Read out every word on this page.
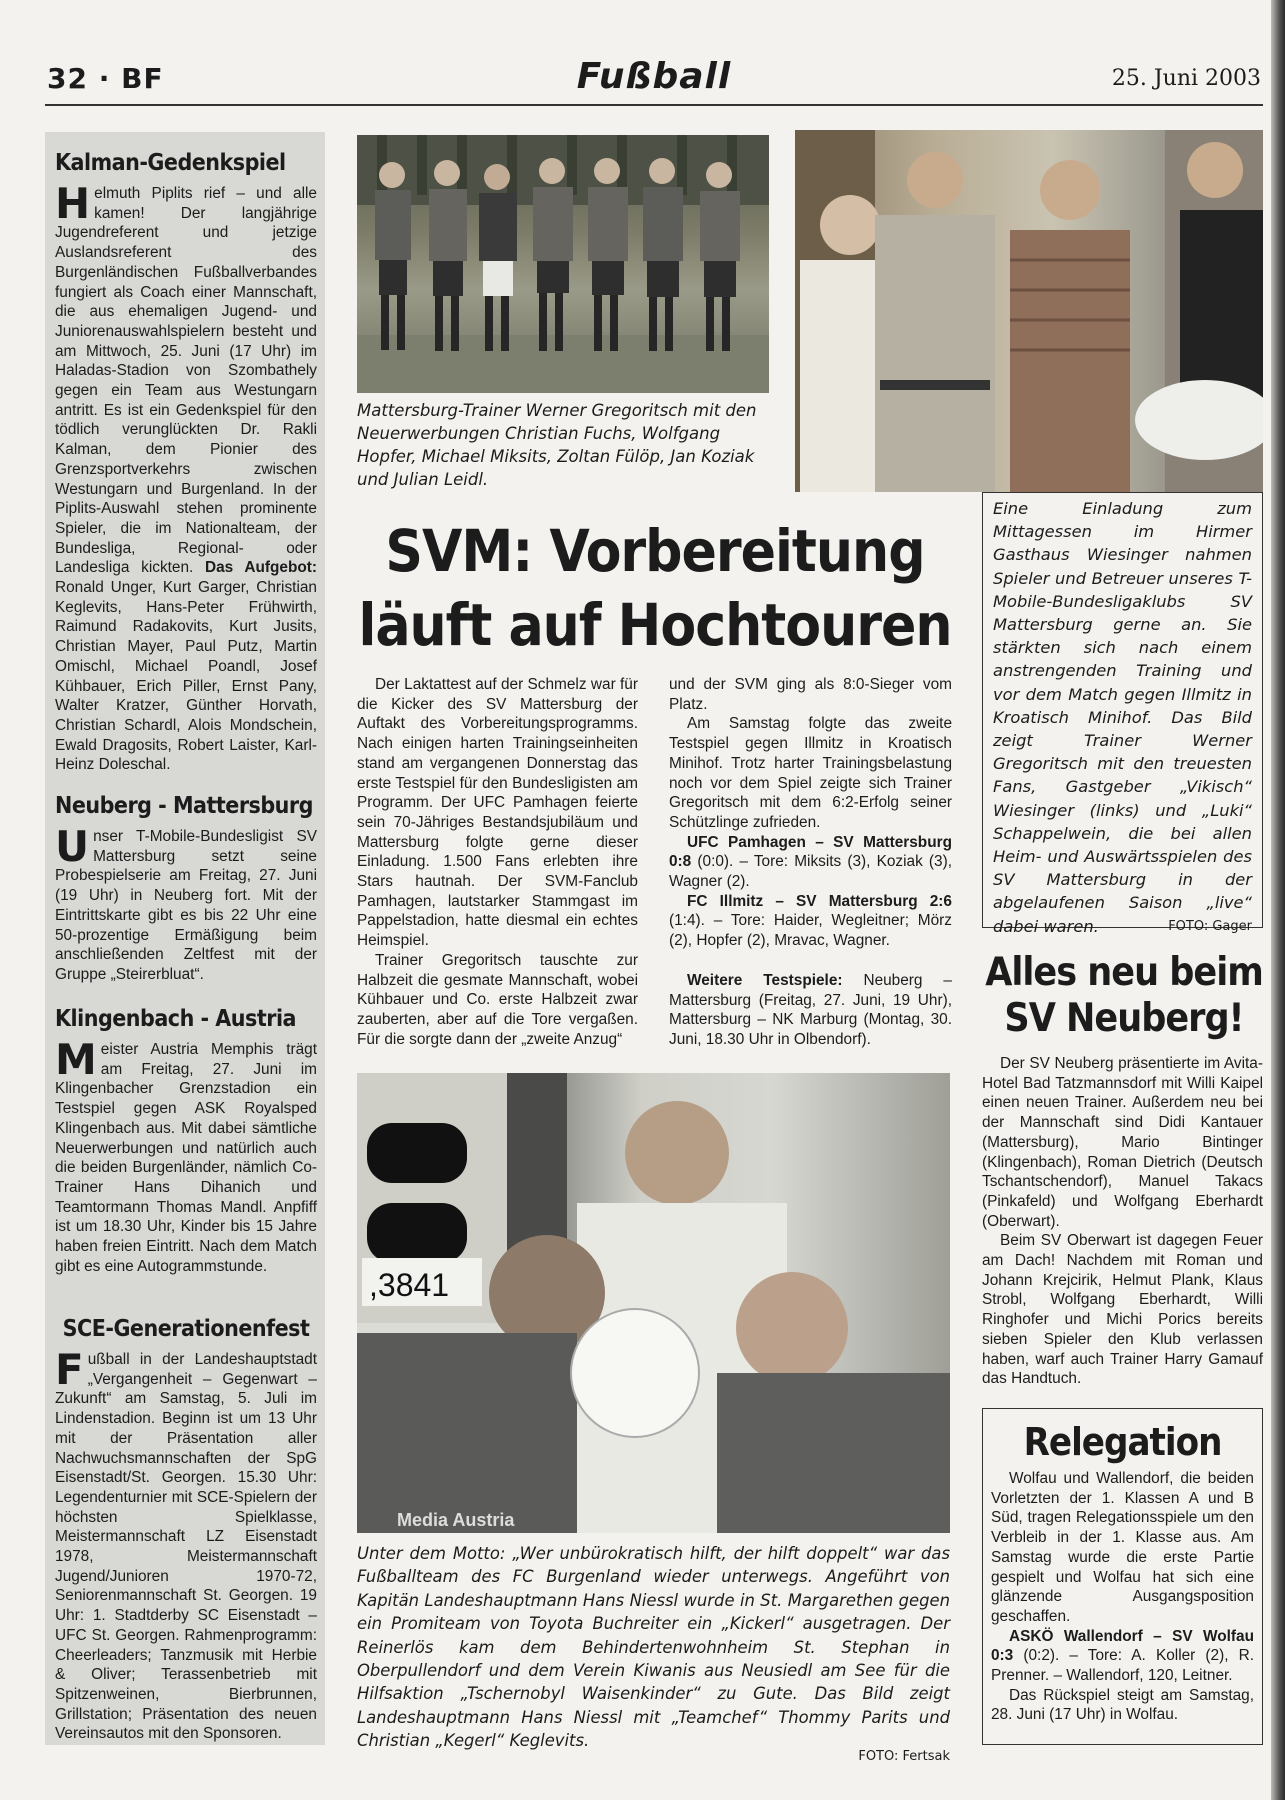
32 · BF	Fußball	25. Juni 2003
Kalman-Gedenkspiel

Helmuth Piplits rief – und alle kamen! Der langjährige Jugendreferent und jetzige Auslandsreferent des Burgenländischen Fußballverbandes fungiert als Coach einer Mannschaft, die aus ehemaligen Jugend- und Juniorenauswahlspielern besteht und am Mittwoch, 25. Juni (17 Uhr) im Haladas-Stadion von Szombathely gegen ein Team aus Westungarn antritt. Es ist ein Gedenkspiel für den tödlich verunglückten Dr. Rakli Kalman, dem Pionier des Grenzsportverkehrs zwischen Westungarn und Burgenland. In der Piplits-Auswahl stehen prominente Spieler, die im Nationalteam, der Bundesliga, Regional- oder Landesliga kickten. Das Aufgebot: Ronald Unger, Kurt Garger, Christian Keglevits, Hans-Peter Frühwirth, Raimund Radakovits, Kurt Jusits, Christian Mayer, Paul Putz, Martin Omischl, Michael Poandl, Josef Kühbauer, Erich Piller, Ernst Pany, Walter Kratzer, Günther Horvath, Christian Schardl, Alois Mondschein, Ewald Dragosits, Robert Laister, Karl-Heinz Doleschal.

Neuberg - Mattersburg

Unser T-Mobile-Bundesligist SV Mattersburg setzt seine Probespielserie am Freitag, 27. Juni (19 Uhr) in Neuberg fort. Mit der Eintrittskarte gibt es bis 22 Uhr eine 50-prozentige Ermäßigung beim anschließenden Zeltfest mit der Gruppe „Steirerbluat“.

Klingenbach - Austria

Meister Austria Memphis trägt am Freitag, 27. Juni im Klingenbacher Grenzstadion ein Testspiel gegen ASK Royalsped Klingenbach aus. Mit dabei sämtliche Neuerwerbungen und natürlich auch die beiden Burgenländer, nämlich Co-Trainer Hans Dihanich und Teamtormann Thomas Mandl. Anpfiff ist um 18.30 Uhr, Kinder bis 15 Jahre haben freien Eintritt. Nach dem Match gibt es eine Autogrammstunde.

SCE-Generationenfest

Fußball in der Landeshauptstadt „Vergangenheit – Gegenwart – Zukunft“ am Samstag, 5. Juli im Lindenstadion. Beginn ist um 13 Uhr mit der Präsentation aller Nachwuchsmannschaften der SpG Eisenstadt/St. Georgen. 15.30 Uhr: Legendenturnier mit SCE-Spielern der höchsten Spielklasse, Meistermannschaft LZ Eisenstadt 1978, Meistermannschaft Jugend/Junioren 1970-72, Seniorenmannschaft St. Georgen. 19 Uhr: 1. Stadtderby SC Eisenstadt – UFC St. Georgen. Rahmenprogramm: Cheerleaders; Tanzmusik mit Herbie & Oliver; Terassenbetrieb mit Spitzenweinen, Bierbrunnen, Grillstation; Präsentation des neuen Vereinsautos mit den Sponsoren.

Mattersburg-Trainer Werner Gregoritsch mit den Neuerwerbungen Christian Fuchs, Wolfgang Hopfer, Michael Miksits, Zoltan Fülöp, Jan Koziak und Julian Leidl.

Eine Einladung zum Mittagessen im Hirmer Gasthaus Wiesinger nahmen Spieler und Betreuer unseres T-Mobile-Bundesligaklubs SV Mattersburg gerne an. Sie stärkten sich nach einem anstrengenden Training und vor dem Match gegen Illmitz in Kroatisch Minihof. Das Bild zeigt Trainer Werner Gregoritsch mit den treuesten Fans, Gastgeber „Vikisch“ Wiesinger (links) und „Luki“ Schappelwein, die bei allen Heim- und Auswärtsspielen des SV Mattersburg in der abgelaufenen Saison „live“ dabei waren.	FOTO: Gager

SVM: Vorbereitung läuft auf Hochtouren

Der Laktattest auf der Schmelz war für die Kicker des SV Mattersburg der Auftakt des Vorbereitungsprogramms. Nach einigen harten Trainingseinheiten stand am vergangenen Donnerstag das erste Testspiel für den Bundesligisten am Programm. Der UFC Pamhagen feierte sein 70-Jähriges Bestandsjubiläum und Mattersburg folgte gerne dieser Einladung. 1.500 Fans erlebten ihre Stars hautnah. Der SVM-Fanclub Pamhagen, lautstarker Stammgast im Pappelstadion, hatte diesmal ein echtes Heimspiel.

Trainer Gregoritsch tauschte zur Halbzeit die gesmate Mannschaft, wobei Kühbauer und Co. erste Halbzeit zwar zauberten, aber auf die Tore vergaßen. Für die sorgte dann der „zweite Anzug“

und der SVM ging als 8:0-Sieger vom Platz.

Am Samstag folgte das zweite Testspiel gegen Illmitz in Kroatisch Minihof. Trotz harter Trainingsbelastung noch vor dem Spiel zeigte sich Trainer Gregoritsch mit dem 6:2-Erfolg seiner Schützlinge zufrieden.

UFC Pamhagen – SV Mattersburg 0:8 (0:0). – Tore: Miksits (3), Koziak (3), Wagner (2).

FC Illmitz – SV Mattersburg 2:6 (1:4). – Tore: Haider, Wegleitner; Mörz (2), Hopfer (2), Mravac, Wagner.

Weitere Testspiele: Neuberg – Mattersburg (Freitag, 27. Juni, 19 Uhr), Mattersburg – NK Marburg (Montag, 30. Juni, 18.30 Uhr in Olbendorf).

Alles neu beim SV Neuberg!

Der SV Neuberg präsentierte im Avita-Hotel Bad Tatzmannsdorf mit Willi Kaipel einen neuen Trainer. Außerdem neu bei der Mannschaft sind Didi Kantauer (Mattersburg), Mario Bintinger (Klingenbach), Roman Dietrich (Deutsch Tschantschendorf), Manuel Takacs (Pinkafeld) und Wolfgang Eberhardt (Oberwart).

Beim SV Oberwart ist dagegen Feuer am Dach! Nachdem mit Roman und Johann Krejcirik, Helmut Plank, Klaus Strobl, Wolfgang Eberhardt, Willi Ringhofer und Michi Porics bereits sieben Spieler den Klub verlassen haben, warf auch Trainer Harry Gamauf das Handtuch.

,3841
Media Austria

Unter dem Motto: „Wer unbürokratisch hilft, der hilft doppelt“ war das Fußballteam des FC Burgenland wieder unterwegs. Angeführt von Kapitän Landeshauptmann Hans Niessl wurde in St. Margarethen gegen ein Promiteam von Toyota Buchreiter ein „Kickerl“ ausgetragen. Der Reinerlös kam dem Behindertenwohnheim St. Stephan in Oberpullendorf und dem Verein Kiwanis aus Neusiedl am See für die Hilfsaktion „Tschernobyl Waisenkinder“ zu Gute. Das Bild zeigt Landeshauptmann Hans Niessl mit „Teamchef“ Thommy Parits und Christian „Kegerl“ Keglevits.

FOTO: Fertsak

Relegation

Wolfau und Wallendorf, die beiden Vorletzten der 1. Klassen A und B Süd, tragen Relegationsspiele um den Verbleib in der 1. Klasse aus. Am Samstag wurde die erste Partie gespielt und Wolfau hat sich eine glänzende Ausgangsposition geschaffen.

ASKÖ Wallendorf – SV Wolfau 0:3 (0:2). – Tore: A. Koller (2), R. Prenner. – Wallendorf, 120, Leitner.

Das Rückspiel steigt am Samstag, 28. Juni (17 Uhr) in Wolfau.
